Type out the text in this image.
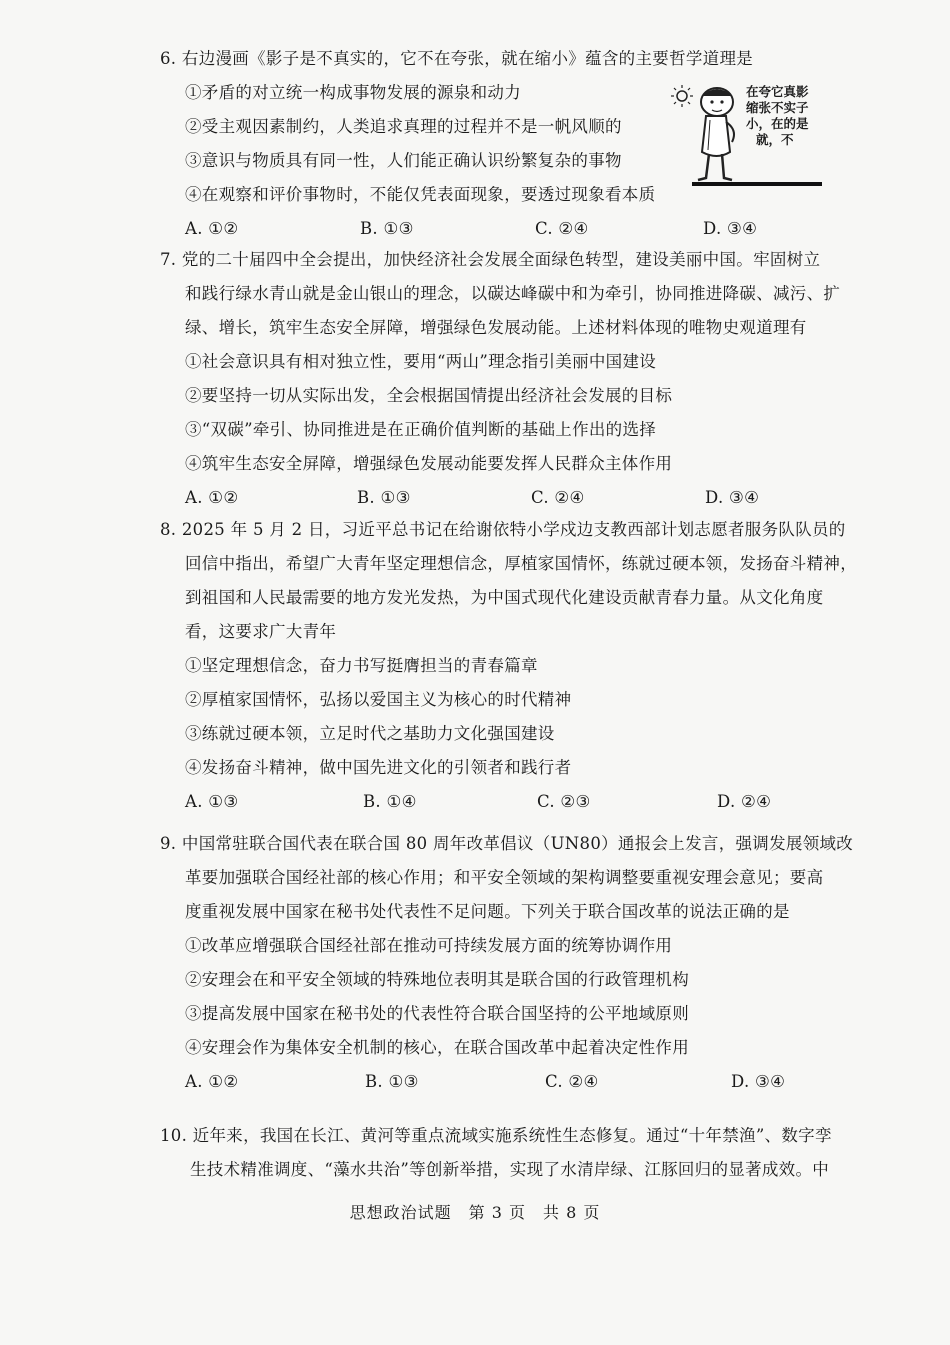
6. 右边漫画《影子是不真实的，它不在夸张，就在缩小》蕴含的主要哲学道理是
①矛盾的对立统一构成事物发展的源泉和动力
②受主观因素制约，人类追求真理的过程并不是一帆风顺的
③意识与物质具有同一性，人们能正确认识纷繁复杂的事物
④在观察和评价事物时，不能仅凭表面现象，要透过现象看本质
A. ①②	B. ①③	C. ②④	D. ③④
在夸它真影
缩张不实子
小，在的是
就，不
7. 党的二十届四中全会提出，加快经济社会发展全面绿色转型，建设美丽中国。牢固树立
和践行绿水青山就是金山银山的理念，以碳达峰碳中和为牵引，协同推进降碳、减污、扩
绿、增长，筑牢生态安全屏障，增强绿色发展动能。上述材料体现的唯物史观道理有
①社会意识具有相对独立性，要用“两山”理念指引美丽中国建设
②要坚持一切从实际出发，全会根据国情提出经济社会发展的目标
③“双碳”牵引、协同推进是在正确价值判断的基础上作出的选择
④筑牢生态安全屏障，增强绿色发展动能要发挥人民群众主体作用
A. ①②	B. ①③	C. ②④	D. ③④
8. 2025 年 5 月 2 日，习近平总书记在给谢依特小学戍边支教西部计划志愿者服务队队员的
回信中指出，希望广大青年坚定理想信念，厚植家国情怀，练就过硬本领，发扬奋斗精神，
到祖国和人民最需要的地方发光发热，为中国式现代化建设贡献青春力量。从文化角度
看，这要求广大青年
①坚定理想信念，奋力书写挺膺担当的青春篇章
②厚植家国情怀，弘扬以爱国主义为核心的时代精神
③练就过硬本领，立足时代之基助力文化强国建设
④发扬奋斗精神，做中国先进文化的引领者和践行者
A. ①③	B. ①④	C. ②③	D. ②④
9. 中国常驻联合国代表在联合国 80 周年改革倡议（UN80）通报会上发言，强调发展领域改
革要加强联合国经社部的核心作用；和平安全领域的架构调整要重视安理会意见；要高
度重视发展中国家在秘书处代表性不足问题。下列关于联合国改革的说法正确的是
①改革应增强联合国经社部在推动可持续发展方面的统筹协调作用
②安理会在和平安全领域的特殊地位表明其是联合国的行政管理机构
③提高发展中国家在秘书处的代表性符合联合国坚持的公平地域原则
④安理会作为集体安全机制的核心，在联合国改革中起着决定性作用
A. ①②	B. ①③	C. ②④	D. ③④
10. 近年来，我国在长江、黄河等重点流域实施系统性生态修复。通过“十年禁渔”、数字孪
生技术精准调度、“藻水共治”等创新举措，实现了水清岸绿、江豚回归的显著成效。中
思想政治试题　第 3 页　共 8 页
